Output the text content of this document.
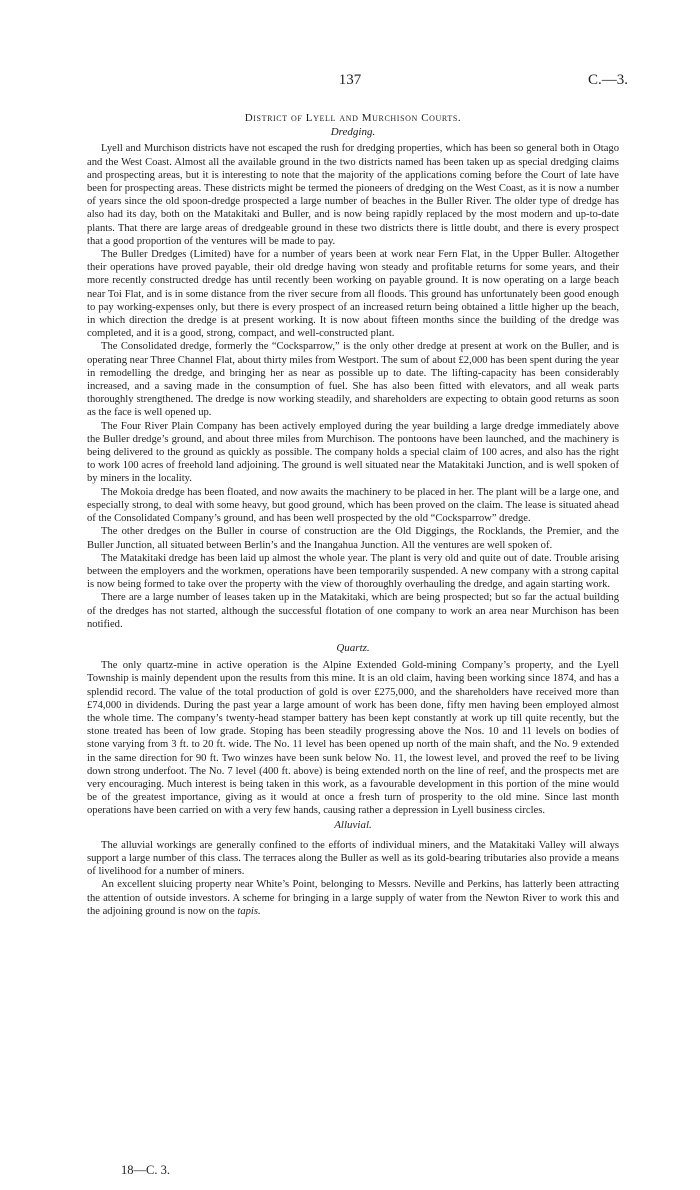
137	C.—3.
District of Lyell and Murchison Courts.
Dredging.

Lyell and Murchison districts have not escaped the rush for dredging properties, which has been so general both in Otago and the West Coast. Almost all the available ground in the two districts named has been taken up as special dredging claims and prospecting areas, but it is interesting to note that the majority of the applications coming before the Court of late have been for prospecting areas. These districts might be termed the pioneers of dredging on the West Coast, as it is now a number of years since the old spoon-dredge prospected a large number of beaches in the Buller River. The older type of dredge has also had its day, both on the Matakitaki and Buller, and is now being rapidly replaced by the most modern and up-to-date plants. That there are large areas of dredgeable ground in these two districts there is little doubt, and there is every prospect that a good proportion of the ventures will be made to pay.

The Buller Dredges (Limited) have for a number of years been at work near Fern Flat, in the Upper Buller. Altogether their operations have proved payable, their old dredge having won steady and profitable returns for some years, and their more recently constructed dredge has until recently been working on payable ground. It is now operating on a large beach near Toi Flat, and is in some distance from the river secure from all floods. This ground has unfortunately been good enough to pay working-expenses only, but there is every prospect of an increased return being obtained a little higher up the beach, in which direction the dredge is at present working. It is now about fifteen months since the building of the dredge was completed, and it is a good, strong, compact, and well-constructed plant.

The Consolidated dredge, formerly the “Cocksparrow,” is the only other dredge at present at work on the Buller, and is operating near Three Channel Flat, about thirty miles from Westport. The sum of about £2,000 has been spent during the year in remodelling the dredge, and bringing her as near as possible up to date. The lifting-capacity has been considerably increased, and a saving made in the consumption of fuel. She has also been fitted with elevators, and all weak parts thoroughly strengthened. The dredge is now working steadily, and shareholders are expecting to obtain good returns as soon as the face is well opened up.

The Four River Plain Company has been actively employed during the year building a large dredge immediately above the Buller dredge’s ground, and about three miles from Murchison. The pontoons have been launched, and the machinery is being delivered to the ground as quickly as possible. The company holds a special claim of 100 acres, and also has the right to work 100 acres of freehold land adjoining. The ground is well situated near the Matakitaki Junction, and is well spoken of by miners in the locality.

The Mokoia dredge has been floated, and now awaits the machinery to be placed in her. The plant will be a large one, and especially strong, to deal with some heavy, but good ground, which has been proved on the claim. The lease is situated ahead of the Consolidated Company’s ground, and has been well prospected by the old “Cocksparrow” dredge.

The other dredges on the Buller in course of construction are the Old Diggings, the Rocklands, the Premier, and the Buller Junction, all situated between Berlin’s and the Inangahua Junction. All the ventures are well spoken of.

The Matakitaki dredge has been laid up almost the whole year. The plant is very old and quite out of date. Trouble arising between the employers and the workmen, operations have been temporarily suspended. A new company with a strong capital is now being formed to take over the property with the view of thoroughly overhauling the dredge, and again starting work.

There are a large number of leases taken up in the Matakitaki, which are being prospected; but so far the actual building of the dredges has not started, although the successful flotation of one company to work an area near Murchison has been notified.

Quartz.

The only quartz-mine in active operation is the Alpine Extended Gold-mining Company’s property, and the Lyell Township is mainly dependent upon the results from this mine. It is an old claim, having been working since 1874, and has a splendid record. The value of the total production of gold is over £275,000, and the shareholders have received more than £74,000 in dividends. During the past year a large amount of work has been done, fifty men having been employed almost the whole time. The company’s twenty-head stamper battery has been kept constantly at work up till quite recently, but the stone treated has been of low grade. Stoping has been steadily progressing above the Nos. 10 and 11 levels on bodies of stone varying from 3 ft. to 20 ft. wide. The No. 11 level has been opened up north of the main shaft, and the No. 9 extended in the same direction for 90 ft. Two winzes have been sunk below No. 11, the lowest level, and proved the reef to be living down strong underfoot. The No. 7 level (400 ft. above) is being extended north on the line of reef, and the prospects met are very encouraging. Much interest is being taken in this work, as a favourable development in this portion of the mine would be of the greatest importance, giving as it would at once a fresh turn of prosperity to the old mine. Since last month operations have been carried on with a very few hands, causing rather a depression in Lyell business circles.

Alluvial.

The alluvial workings are generally confined to the efforts of individual miners, and the Matakitaki Valley will always support a large number of this class. The terraces along the Buller as well as its gold-bearing tributaries also provide a means of livelihood for a number of miners.

An excellent sluicing property near White’s Point, belonging to Messrs. Neville and Perkins, has latterly been attracting the attention of outside investors. A scheme for bringing in a large supply of water from the Newton River to work this and the adjoining ground is now on the tapis.

18—C. 3.
